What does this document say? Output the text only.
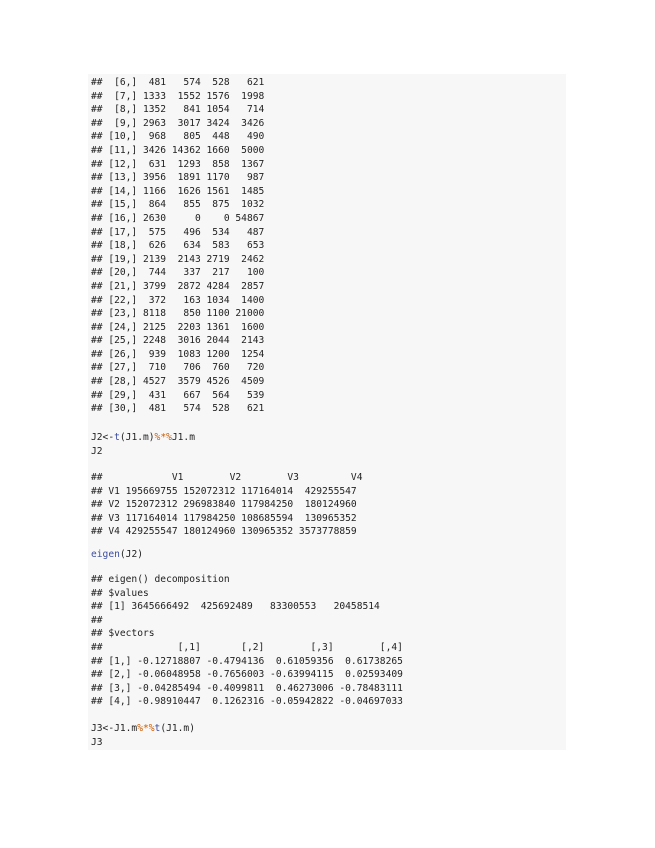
##  [6,]  481   574  528   621
##  [7,] 1333  1552 1576  1998
##  [8,] 1352   841 1054   714
##  [9,] 2963  3017 3424  3426
## [10,]  968   805  448   490
## [11,] 3426 14362 1660  5000
## [12,]  631  1293  858  1367
## [13,] 3956  1891 1170   987
## [14,] 1166  1626 1561  1485
## [15,]  864   855  875  1032
## [16,] 2630     0    0 54867
## [17,]  575   496  534   487
## [18,]  626   634  583   653
## [19,] 2139  2143 2719  2462
## [20,]  744   337  217   100
## [21,] 3799  2872 4284  2857
## [22,]  372   163 1034  1400
## [23,] 8118   850 1100 21000
## [24,] 2125  2203 1361  1600
## [25,] 2248  3016 2044  2143
## [26,]  939  1083 1200  1254
## [27,]  710   706  760   720
## [28,] 4527  3579 4526  4509
## [29,]  431   667  564   539
## [30,]  481   574  528   621
J2<-t(J1.m)%*%J1.m
J2
##            V1        V2        V3         V4
## V1 195669755 152072312 117164014  429255547
## V2 152072312 296983840 117984250  180124960
## V3 117164014 117984250 108685594  130965352
## V4 429255547 180124960 130965352 3573778859
eigen(J2)
## eigen() decomposition
## $values
## [1] 3645666492  425692489   83300553   20458514
##
## $vectors
##             [,1]       [,2]        [,3]        [,4]
## [1,] -0.12718807 -0.4794136  0.61059356  0.61738265
## [2,] -0.06048958 -0.7656003 -0.63994115  0.02593409
## [3,] -0.04285494 -0.4099811  0.46273006 -0.78483111
## [4,] -0.98910447  0.1262316 -0.05942822 -0.04697033
J3<-J1.m%*%t(J1.m)
J3
